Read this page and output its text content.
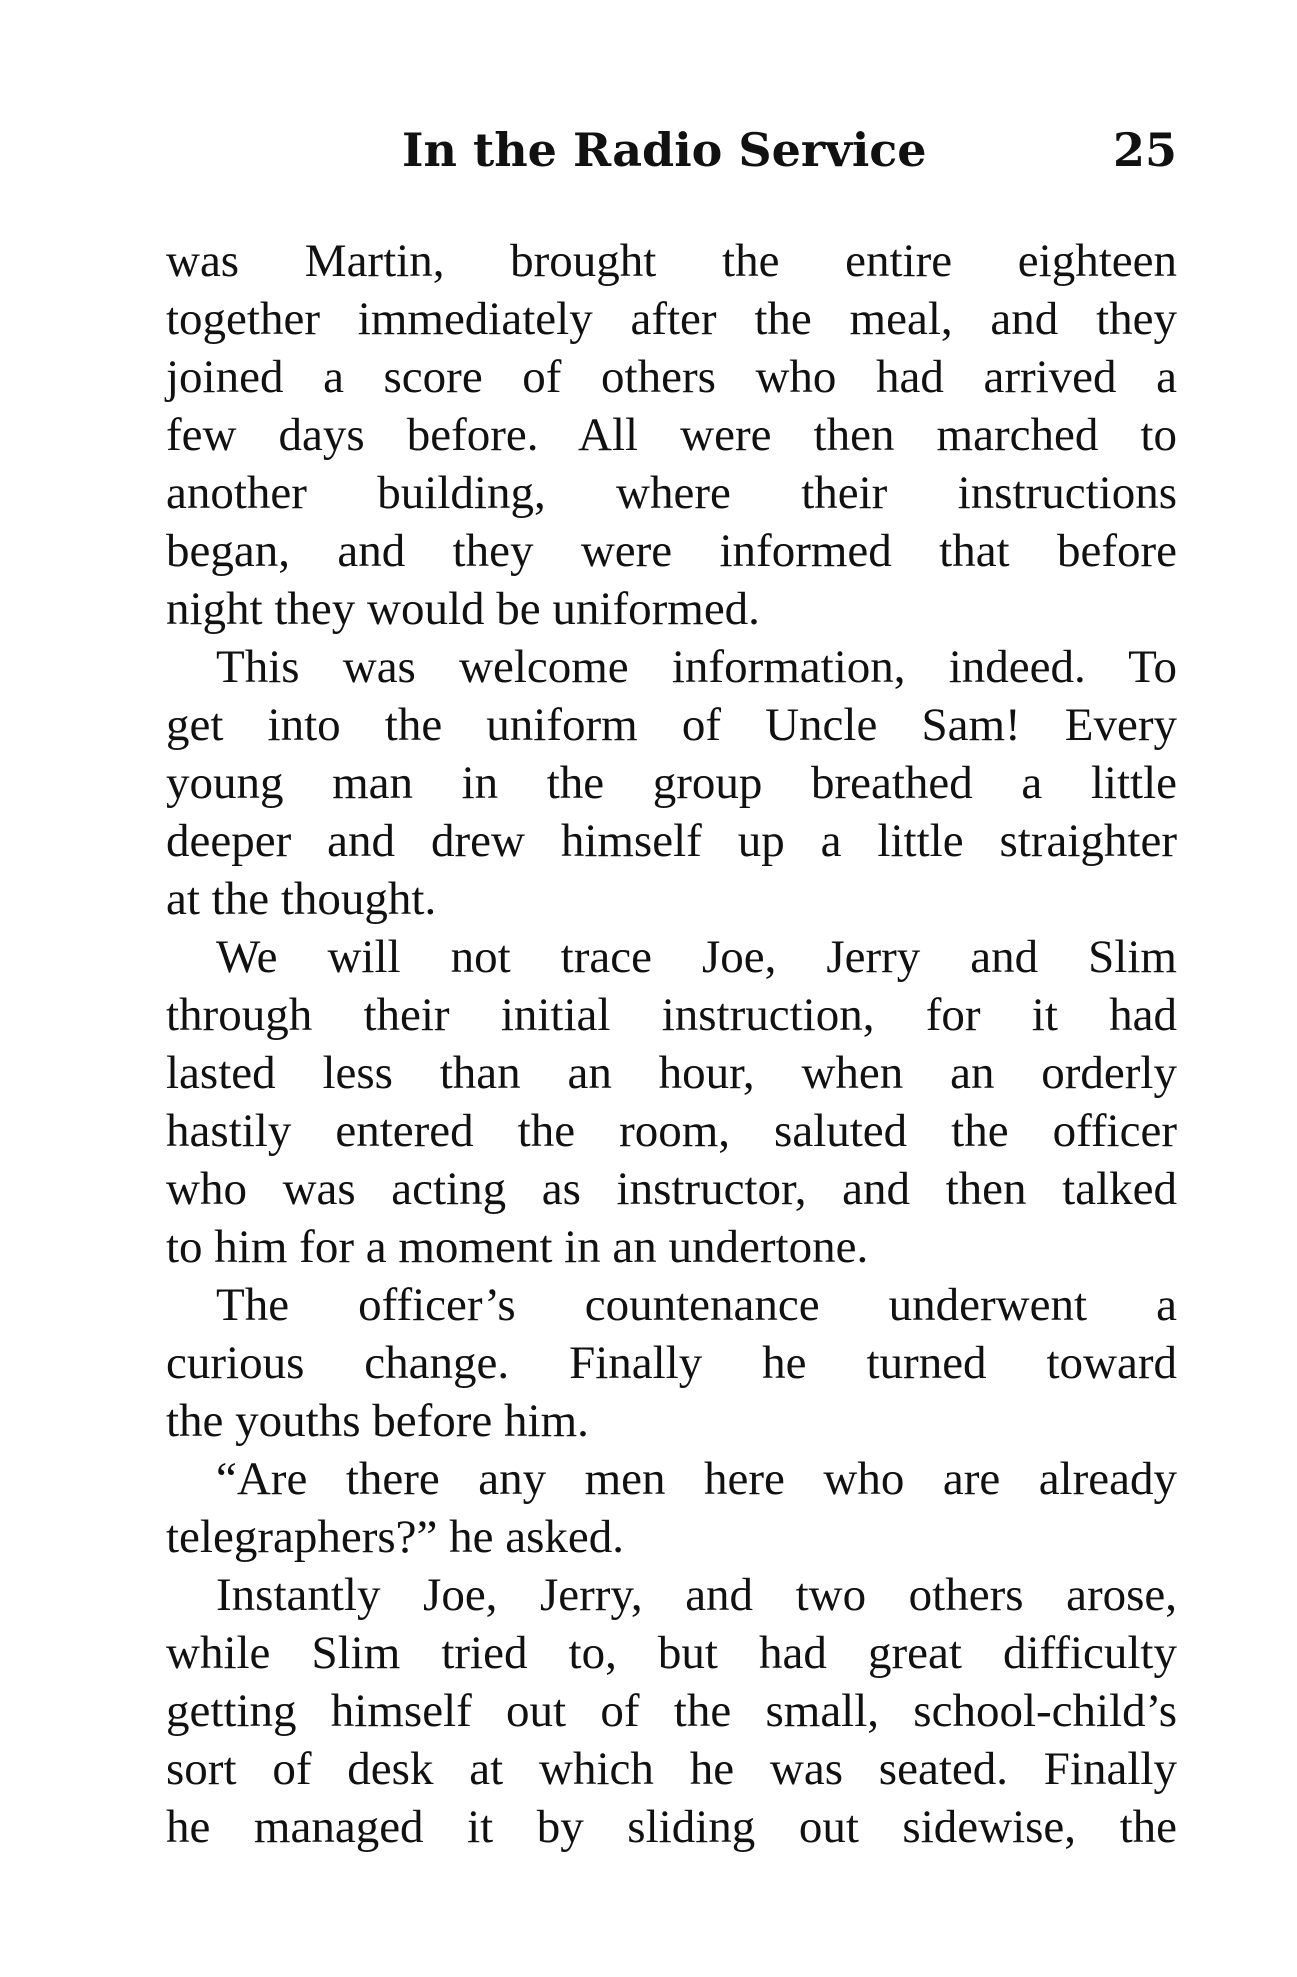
In the Radio Service	25
was Martin, brought the entire eighteen
together immediately after the meal, and they
joined a score of others who had arrived a
few days before. All were then marched to
another building, where their instructions
began, and they were informed that before
night they would be uniformed.
This was welcome information, indeed. To
get into the uniform of Uncle Sam! Every
young man in the group breathed a little
deeper and drew himself up a little straighter
at the thought.
We will not trace Joe, Jerry and Slim
through their initial instruction, for it had
lasted less than an hour, when an orderly
hastily entered the room, saluted the officer
who was acting as instructor, and then talked
to him for a moment in an undertone.
The officer’s countenance underwent a
curious change. Finally he turned toward
the youths before him.
“Are there any men here who are already
telegraphers?” he asked.
Instantly Joe, Jerry, and two others arose,
while Slim tried to, but had great difficulty
getting himself out of the small, school-child’s
sort of desk at which he was seated. Finally
he managed it by sliding out sidewise, the
